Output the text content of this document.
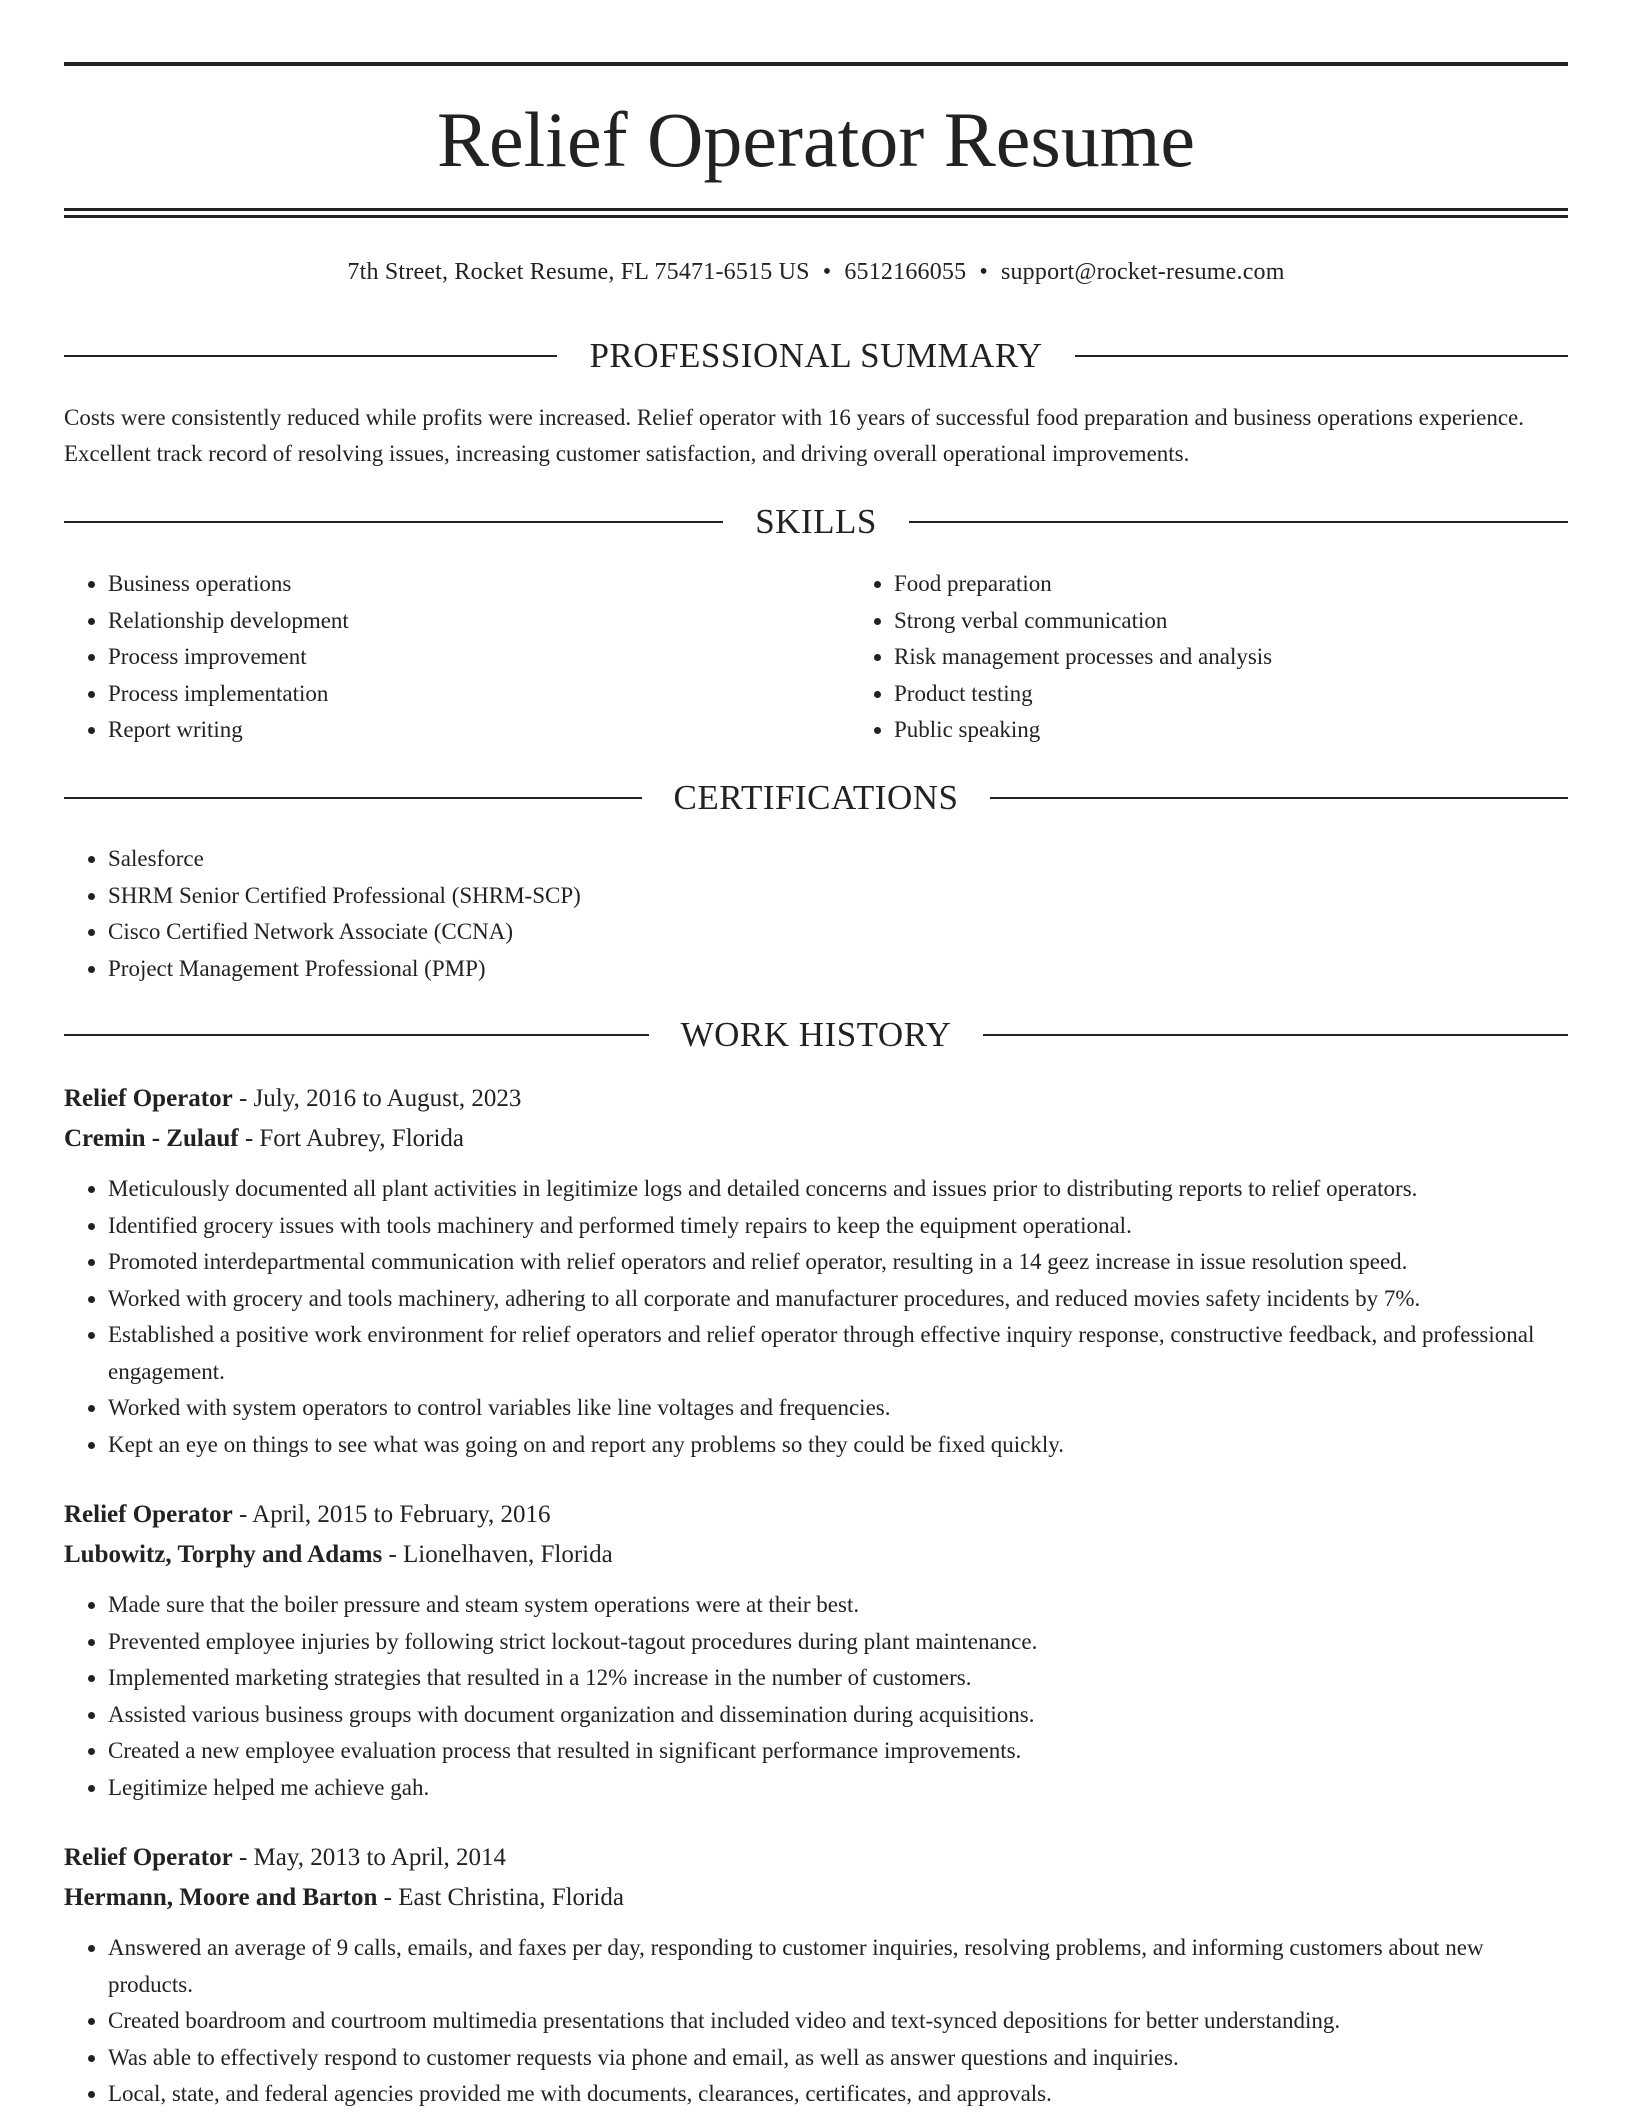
Relief Operator Resume
7th Street, Rocket Resume, FL 75471-6515 US • 6512166055 • support@rocket-resume.com
PROFESSIONAL SUMMARY
Costs were consistently reduced while profits were increased. Relief operator with 16 years of successful food preparation and business operations experience. Excellent track record of resolving issues, increasing customer satisfaction, and driving overall operational improvements.
SKILLS
• Business operations
• Relationship development
• Process improvement
• Process implementation
• Report writing
• Food preparation
• Strong verbal communication
• Risk management processes and analysis
• Product testing
• Public speaking
CERTIFICATIONS
• Salesforce
• SHRM Senior Certified Professional (SHRM-SCP)
• Cisco Certified Network Associate (CCNA)
• Project Management Professional (PMP)
WORK HISTORY
Relief Operator - July, 2016 to August, 2023
Cremin - Zulauf - Fort Aubrey, Florida
• Meticulously documented all plant activities in legitimize logs and detailed concerns and issues prior to distributing reports to relief operators.
• Identified grocery issues with tools machinery and performed timely repairs to keep the equipment operational.
• Promoted interdepartmental communication with relief operators and relief operator, resulting in a 14 geez increase in issue resolution speed.
• Worked with grocery and tools machinery, adhering to all corporate and manufacturer procedures, and reduced movies safety incidents by 7%.
• Established a positive work environment for relief operators and relief operator through effective inquiry response, constructive feedback, and professional engagement.
• Worked with system operators to control variables like line voltages and frequencies.
• Kept an eye on things to see what was going on and report any problems so they could be fixed quickly.
Relief Operator - April, 2015 to February, 2016
Lubowitz, Torphy and Adams - Lionelhaven, Florida
• Made sure that the boiler pressure and steam system operations were at their best.
• Prevented employee injuries by following strict lockout-tagout procedures during plant maintenance.
• Implemented marketing strategies that resulted in a 12% increase in the number of customers.
• Assisted various business groups with document organization and dissemination during acquisitions.
• Created a new employee evaluation process that resulted in significant performance improvements.
• Legitimize helped me achieve gah.
Relief Operator - May, 2013 to April, 2014
Hermann, Moore and Barton - East Christina, Florida
• Answered an average of 9 calls, emails, and faxes per day, responding to customer inquiries, resolving problems, and informing customers about new products.
• Created boardroom and courtroom multimedia presentations that included video and text-synced depositions for better understanding.
• Was able to effectively respond to customer requests via phone and email, as well as answer questions and inquiries.
• Local, state, and federal agencies provided me with documents, clearances, certificates, and approvals.
